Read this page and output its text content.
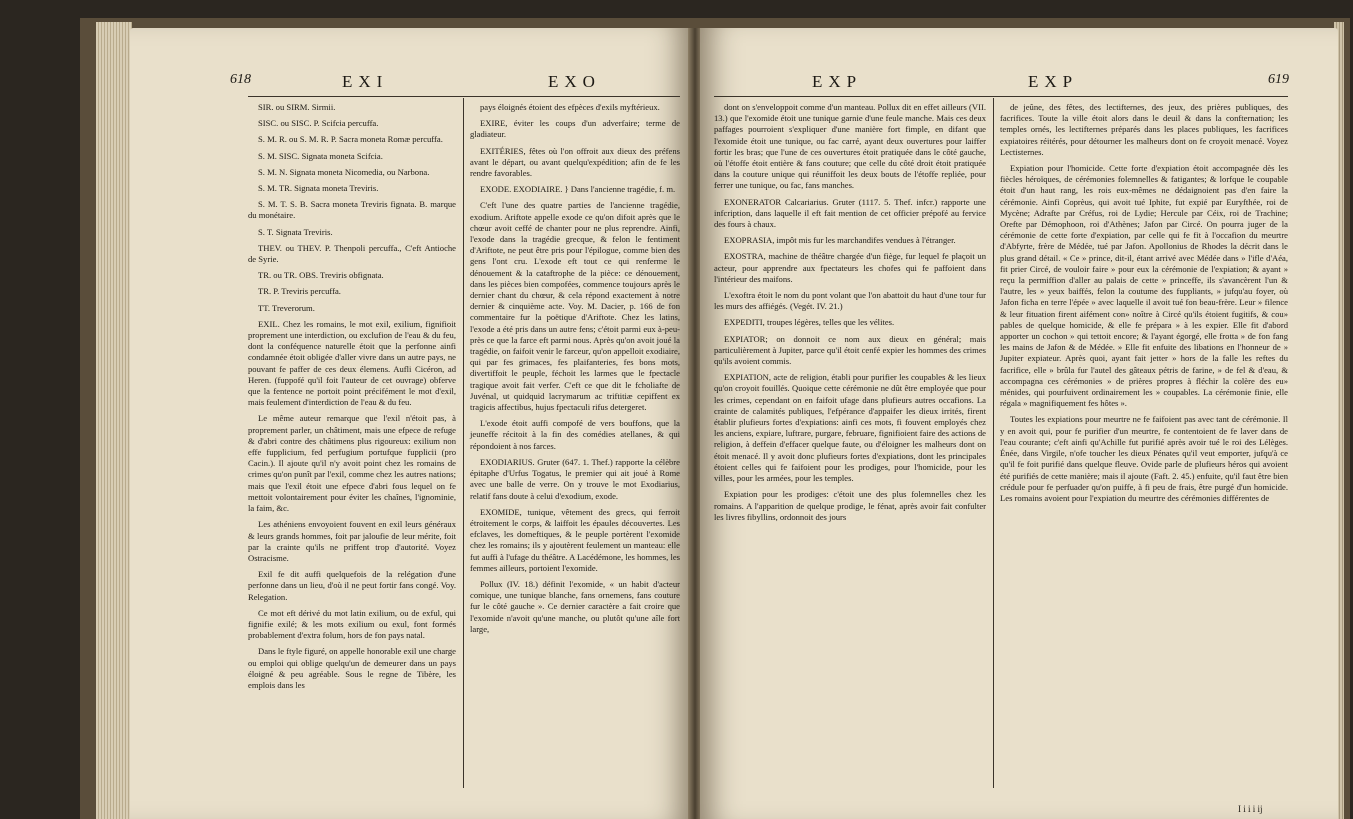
618	EXI	EXO

SIR. ou SIRM. Sirmii.

SISC. ou SISC. P. Scifcia percuffa.

S. M. R. ou S. M. R. P. Sacra moneta Romæ percuffa.

S. M. SISC. Signata moneta Scifcia.

S. M. N. Signata moneta Nicomedia, ou Narbona.

S. M. TR. Signata moneta Treviris.

S. M. T. S. B. Sacra moneta Treviris fignata. B. marque du monétaire.

S. T. Signata Treviris.

THEV. ou THEV. P. Thenpoli percuffa., C'eft Antioche de Syrie.

TR. ou TR. OBS. Treviris obfignata.

TR. P. Treviris percuffa.

TT. Treverorum.

EXIL. Chez les romains, le mot exil, exilium, fignifioit proprement une interdiction, ou exclufion de l'eau & du feu, dont la conféquence naturelle étoit que la perfonne ainfi condamnée étoit obligée d'aller vivre dans un autre pays, ne pouvant fe paffer de ces deux élemens. Aufli Cicéron, ad Heren. (fuppofé qu'il foit l'auteur de cet ouvrage) obferve que la fentence ne portoit point précifément le mot d'exil, mais feulement d'interdiction de l'eau & du feu.

Le même auteur remarque que l'exil n'étoit pas, à proprement parler, un châtiment, mais une efpece de refuge & d'abri contre des châtimens plus rigoureux: exilium non effe fupplicium, fed perfugium portufque fupplicii (pro Cacin.). Il ajoute qu'il n'y avoit point chez les romains de crimes qu'on punît par l'exil, comme chez les autres nations; mais que l'exil étoit une efpece d'abri fous lequel on fe mettoit volontairement pour éviter les chaînes, l'ignominie, la faim, &c.

Les athéniens envoyoient fouvent en exil leurs généraux & leurs grands hommes, foit par jaloufie de leur mérite, foit par la crainte qu'ils ne priffent trop d'autorité. Voyez Ostracisme.

Exil fe dit auffi quelquefois de la relégation d'une perfonne dans un lieu, d'où il ne peut fortir fans congé. Voy. Relegation.

Ce mot eft dérivé du mot latin exilium, ou de exful, qui fignifie exilé; & les mots exilium ou exul, font formés probablement d'extra folum, hors de fon pays natal.

Dans le ftyle figuré, on appelle honorable exil une charge ou emploi qui oblige quelqu'un de demeurer dans un pays éloigné & peu agréable. Sous le regne de Tibère, les emplois dans les

pays éloignés étoient des efpèces d'exils myftérieux.

EXIRE, éviter les coups d'un adverfaire; terme de gladiateur.

EXITÉRIES, fêtes où l'on offroit aux dieux des préfens avant le départ, ou avant quelqu'expédition; afin de fe les rendre favorables.

EXODE. EXODIAIRE. } Dans l'ancienne tragédie, f. m.

C'eft l'une des quatre parties de l'ancienne tragédie, exodium. Ariftote appelle exode ce qu'on difoit après que le chœur avoit ceffé de chanter pour ne plus reprendre. Ainfi, l'exode dans la tragédie grecque, & felon le fentiment d'Ariftote, ne peut être pris pour l'épilogue, comme bien des gens l'ont cru. L'exode eft tout ce qui renferme le dénouement & la cataftrophe de la pièce: ce dénouement, dans les pièces bien compofées, commence toujours après le dernier chant du chœur, & cela répond exactement à notre dernier & cinquième acte. Voy. M. Dacier, p. 166 de fon commentaire fur la poëtique d'Ariftote. Chez les latins, l'exode a été pris dans un autre fens; c'étoit parmi eux à-peu-près ce que la farce eft parmi nous. Après qu'on avoit joué la tragédie, on faifoit venir le farceur, qu'on appelloit exodiaire, qui par fes grimaces, fes plaifanteries, fes bons mots, divertiffoit le peuple, féchoit les larmes que le fpectacle tragique avoit fait verfer. C'eft ce que dit le fcholiafte de Juvénal, ut quidquid lacrymarum ac triftitiæ cepiffent ex tragicis affectibus, hujus fpectaculi rifus detergeret.

L'exode étoit auffi compofé de vers bouffons, que la jeuneffe récitoit à la fin des comédies atellanes, & qui répondoient à nos farces.

EXODIARIUS. Gruter (647. 1. Thef.) rapporte la célèbre épitaphe d'Urfus Togatus, le premier qui ait joué à Rome avec une balle de verre. On y trouve le mot Exodiarius, relatif fans doute à celui d'exodium, exode.

EXOMIDE, tunique, vêtement des grecs, qui ferroit étroitement le corps, & laiffoit les épaules découvertes. Les efclaves, les domeftiques, & le peuple portèrent l'exomide chez les romains; ils y ajoutèrent feulement un manteau: elle fut auffi à l'ufage du théâtre. A Lacédémone, les hommes, les femmes ailleurs, portoient l'exomide.

Pollux (IV. 18.) définit l'exomide, « un habit d'acteur comique, une tunique blanche, fans ornemens, fans couture fur le côté gauche ». Ce dernier caractère a fait croire que l'exomide n'avoit qu'une manche, ou plutôt qu'une aîle fort large,

EXP	EXP	619

dont on s'enveloppoit comme d'un manteau. Pollux dit en effet ailleurs (VII. 13.) que l'exomide étoit une tunique garnie d'une feule manche. Mais ces deux paffages pourroient s'expliquer d'une manière fort fimple, en difant que l'exomide étoit une tunique, ou fac carré, ayant deux ouvertures pour laiffer fortir les bras; que l'une de ces ouvertures étoit pratiquée dans le côté gauche, où l'étoffe étoit entière & fans couture; que celle du côté droit étoit pratiquée dans la couture unique qui réuniffoit les deux bouts de l'étoffe repliée, pour ferrer une tunique, ou fac, fans manches.

EXONERATOR Calcariarius. Gruter (1117. 5. Thef. infcr.) rapporte une infcription, dans laquelle il eft fait mention de cet officier prépofé au fervice des fours à chaux.

EXOPRASIA, impôt mis fur les marchandifes vendues à l'étranger.

EXOSTRA, machine de théâtre chargée d'un fiège, fur lequel fe plaçoit un acteur, pour apprendre aux fpectateurs les chofes qui fe paffoient dans l'intérieur des maifons.

L'exoftra étoit le nom du pont volant que l'on abattoit du haut d'une tour fur les murs des affiégés. (Vegét. IV. 21.)

EXPEDITI, troupes légères, telles que les vélites.

EXPIATOR; on donnoit ce nom aux dieux en général; mais particulièrement à Jupiter, parce qu'il étoit cenfé expier les hommes des crimes qu'ils avoient commis.

EXPIATION, acte de religion, établi pour purifier les coupables & les lieux qu'on croyoit fouillés. Quoique cette cérémonie ne dût être employée que pour les crimes, cependant on en faifoit ufage dans plufieurs autres occafions. La crainte de calamités publiques, l'efpérance d'appaifer les dieux irrités, firent établir plufieurs fortes d'expiations: ainfi ces mots, fi fouvent employés chez les anciens, expiare, luftrare, purgare, februare, fignifioient faire des actions de religion, à deffein d'effacer quelque faute, ou d'éloigner les malheurs dont on étoit menacé. Il y avoit donc plufieurs fortes d'expiations, dont les principales étoient celles qui fe faifoient pour les prodiges, pour l'homicide, pour les villes, pour les armées, pour les temples.

Expiation pour les prodiges: c'étoit une des plus folemnelles chez les romains. A l'apparition de quelque prodige, le fénat, après avoir fait confulter les livres fibyllins, ordonnoit des jours

de jeûne, des fêtes, des lectifternes, des jeux, des prières publiques, des facrifices. Toute la ville étoit alors dans le deuil & dans la confternation; les temples ornés, les lectifternes préparés dans les places publiques, les facrifices expiatoires réitérés, pour détourner les malheurs dont on fe croyoit menacé. Voyez Lectisternes.

Expiation pour l'homicide. Cette forte d'expiation étoit accompagnée dès les fiècles héroïques, de cérémonies folemnelles & fatigantes; & lorfque le coupable étoit d'un haut rang, les rois eux-mêmes ne dédaignoient pas d'en faire la cérémonie. Ainfi Coprèus, qui avoit tué Iphite, fut expié par Euryfthée, roi de Mycène; Adrafte par Créfus, roi de Lydie; Hercule par Céix, roi de Trachine; Orefte par Démophoon, roi d'Athènes; Jafon par Circé. On pourra juger de la cérémonie de cette forte d'expiation, par celle qui fe fit à l'occafion du meurtre d'Abfyrte, frère de Médée, tué par Jafon. Apollonius de Rhodes la décrit dans le plus grand détail. « Ce » prince, dit-il, étant arrivé avec Médée dans » l'ifle d'Aéa, fit prier Circé, de vouloir faire » pour eux la cérémonie de l'expiation; & ayant » reçu la permiffion d'aller au palais de cette » princeffe, ils s'avancèrent l'un & l'autre, les » yeux baiffés, felon la coutume des fuppliants, » jufqu'au foyer, où Jafon ficha en terre l'épée » avec laquelle il avoit tué fon beau-frère. Leur » filence & leur fituation firent aifément con» noître à Circé qu'ils étoient fugitifs, & cou» pables de quelque homicide, & elle fe prépara » à les expier. Elle fit d'abord apporter un cochon » qui tettoit encore; & l'ayant égorgé, elle frotta » de fon fang les mains de Jafon & de Médée. » Elle fit enfuite des libations en l'honneur de » Jupiter expiateur. Après quoi, ayant fait jetter » hors de la falle les reftes du facrifice, elle » brûla fur l'autel des gâteaux pétris de farine, » de fel & d'eau, & accompagna ces cérémonies » de prières propres à fléchir la colère des eu» ménides, qui pourfuivent ordinairement les » coupables. La cérémonie finie, elle régala » magnifiquement fes hôtes ».

Toutes les expiations pour meurtre ne fe faifoient pas avec tant de cérémonie. Il y en avoit qui, pour fe purifier d'un meurtre, fe contentoient de fe laver dans de l'eau courante; c'eft ainfi qu'Achille fut purifié après avoir tué le roi des Lélèges. Énée, dans Virgile, n'ofe toucher les dieux Pénates qu'il veut emporter, jufqu'à ce qu'il fe foit purifié dans quelque fleuve. Ovide parle de plufieurs héros qui avoient été purifiés de cette manière; mais il ajoute (Faft. 2. 45.) enfuite, qu'il faut être bien crédule pour fe perfuader qu'on puiffe, à fi peu de frais, être purgé d'un homicide. Les romains avoient pour l'expiation du meurtre des cérémonies différentes de

I i i i ij
